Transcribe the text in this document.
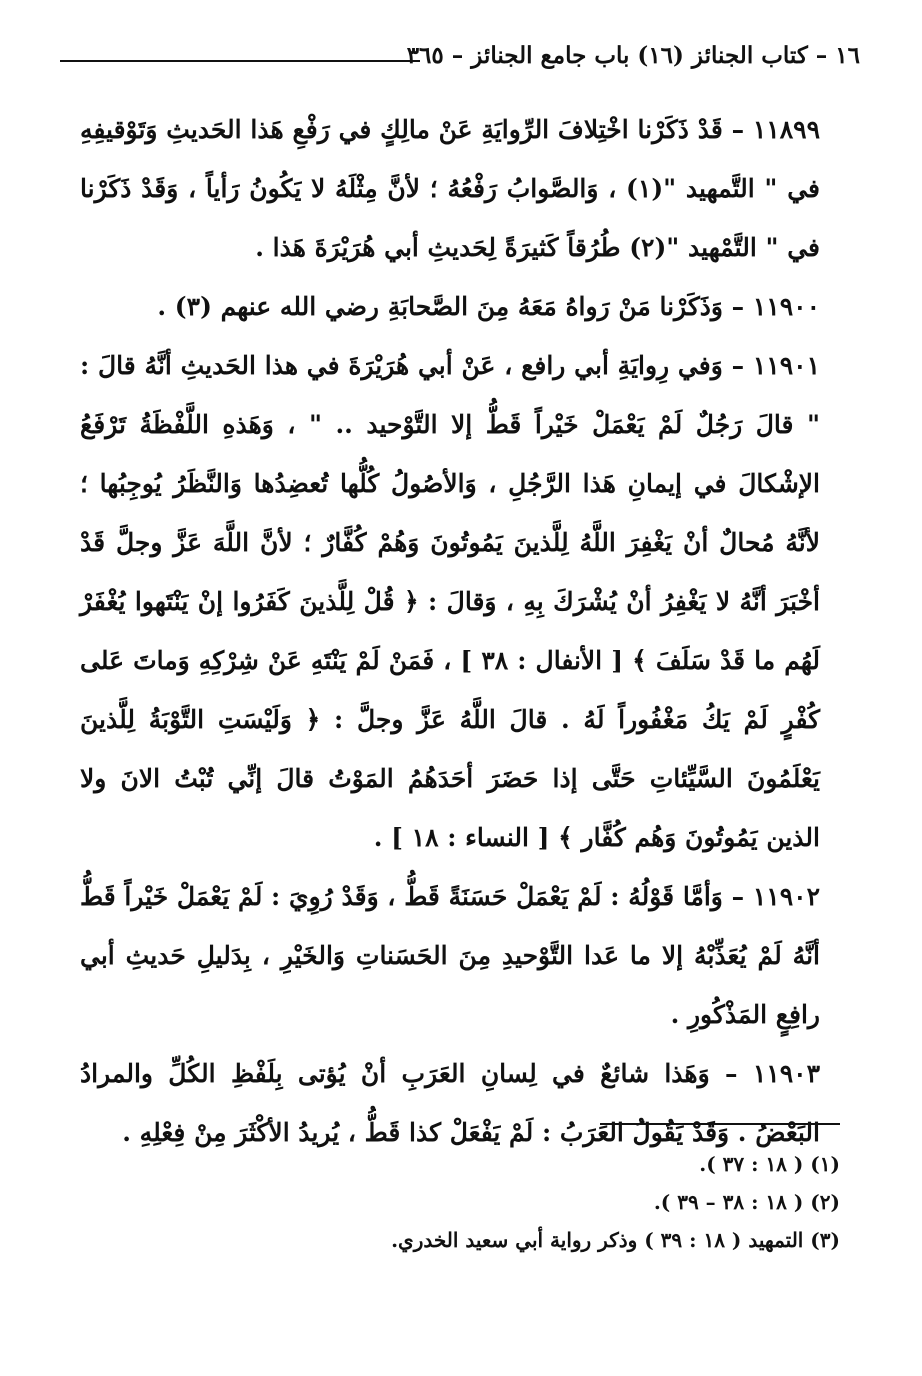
١٦ – كتاب الجنائز (١٦) باب جامع الجنائز – ٣٦٥

١١٨٩٩ – قَدْ ذَكَرْنا اخْتِلافَ الرِّوايَةِ عَنْ مالِكٍ في رَفْعِ هَذا الحَديثِ وَتَوْقيفِهِ في " التَّمهيد "(١) ، وَالصَّوابُ رَفْعُهُ ؛ لأنَّ مِثْلَهُ لا يَكُونُ رَأياً ، وَقَدْ ذَكَرْنا في " التَّمْهيد "(٢) طُرُقاً كَثيرَةً لِحَديثِ أبي هُرَيْرَةَ هَذا .

١١٩٠٠ – وَذَكَرْنا مَنْ رَواهُ مَعَهُ مِنَ الصَّحابَةِ رضي الله عنهم (٣) .

١١٩٠١ – وَفي رِوايَةِ أبي رافع ، عَنْ أبي هُرَيْرَةَ في هذا الحَديثِ أنَّهُ قالَ : " قالَ رَجُلٌ لَمْ يَعْمَلْ خَيْراً قَطُّ إلا التَّوْحيد .. " ، وَهَذهِ اللَّفْظَةُ تَرْفَعُ الإشْكالَ في إيمانِ هَذا الرَّجُلِ ، وَالأصُولُ كُلُّها تُعضِدُها وَالنَّظَرُ يُوجِبُها ؛ لأنَّهُ مُحالٌ أنْ يَغْفِرَ اللَّهُ لِلَّذينَ يَمُوتُونَ وَهُمْ كُفَّارٌ ؛ لأنَّ اللَّهَ عَزَّ وجلَّ قَدْ أخْبَرَ أنَّهُ لا يَغْفِرُ أنْ يُشْرَكَ بِهِ ، وَقالَ : ﴿ قُلْ لِلَّذينَ كَفَرُوا إنْ يَنْتَهوا يُغْفَرْ لَهُم ما قَدْ سَلَفَ ﴾ [ الأنفال : ٣٨ ] ، فَمَنْ لَمْ يَنْتَهِ عَنْ شِرْكِهِ وَماتَ عَلى كُفْرٍ لَمْ يَكُ مَغْفُوراً لَهُ . قالَ اللَّهُ عَزَّ وجلَّ : ﴿ وَلَيْسَتِ التَّوْبَةُ لِلَّذينَ يَعْلَمُونَ السَّيِّئاتِ حَتَّى إذا حَضَرَ أحَدَهُمُ المَوْتُ قالَ إنِّي تُبْتُ الانَ ولا الذين يَمُوتُونَ وَهُم كُفَّار ﴾ [ النساء : ١٨ ] .

١١٩٠٢ – وَأمَّا قَوْلُهُ : لَمْ يَعْمَلْ حَسَنَةً قَطُّ ، وَقَدْ رُوِيَ : لَمْ يَعْمَلْ خَيْراً قَطُّ أنَّهُ لَمْ يُعَذِّبْهُ إلا ما عَدا التَّوْحيدِ مِنَ الحَسَناتِ وَالخَيْرِ ، بِدَليلِ حَديثِ أبي رافِعٍ المَذْكُورِ .

١١٩٠٣ – وَهَذا شائعٌ في لِسانِ العَرَبِ أنْ يُؤتى بِلَفْظِ الكُلِّ والمرادُ البَعْضُ . وَقَدْ يَقُولُ العَرَبُ : لَمْ يَفْعَلْ كذا قَطُّ ، يُريدُ الأكْثَرَ مِنْ فِعْلِهِ .

(١) ( ١٨ : ٣٧ ).
(٢) ( ١٨ : ٣٨ – ٣٩ ).
(٣) التمهيد ( ١٨ : ٣٩ ) وذكر رواية أبي سعيد الخدري.
